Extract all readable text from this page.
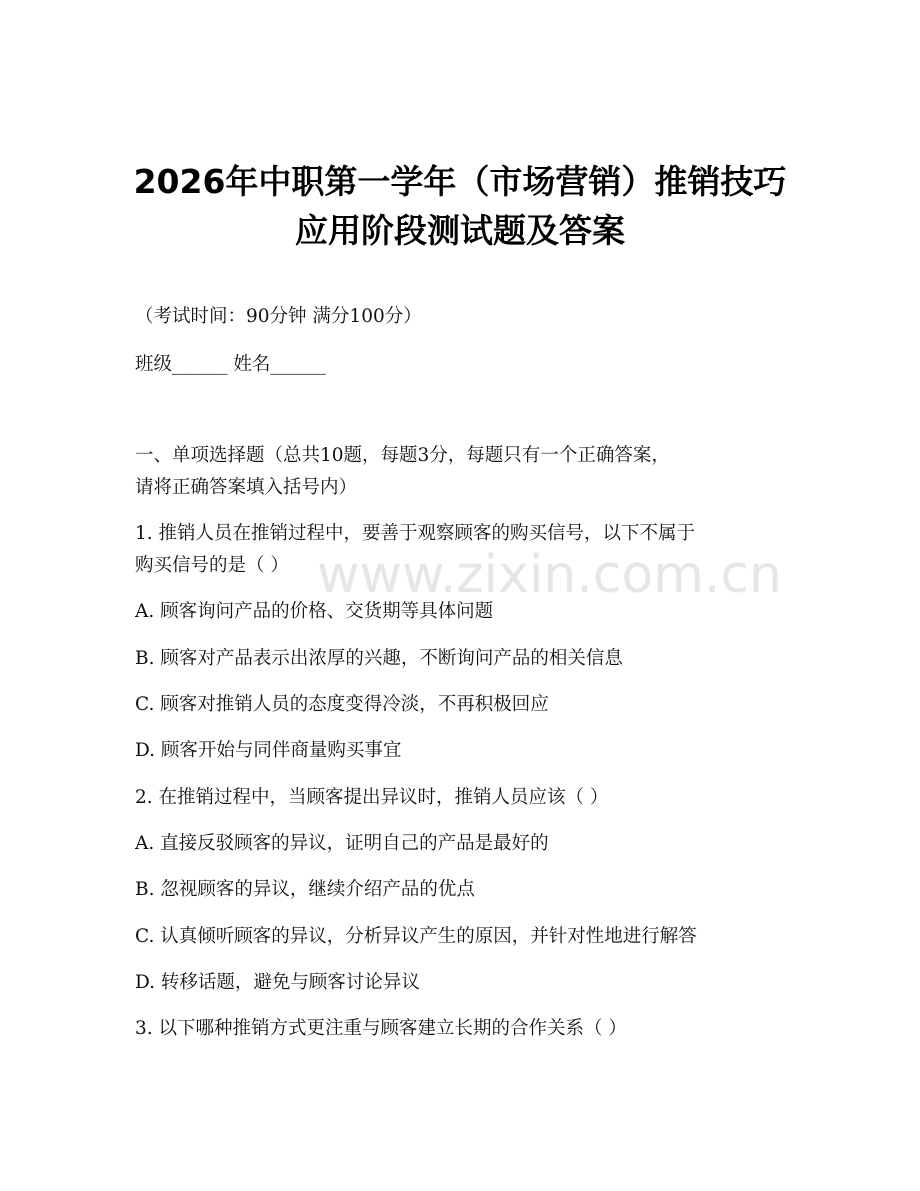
www.zixin.com.cn
2026年中职第一学年（市场营销）推销技巧
应用阶段测试题及答案
（考试时间：90分钟 满分100分）
班级______ 姓名______
一、单项选择题（总共10题，每题3分，每题只有一个正确答案，
请将正确答案填入括号内）
1. 推销人员在推销过程中，要善于观察顾客的购买信号，以下不属于
购买信号的是（ ）
A. 顾客询问产品的价格、交货期等具体问题
B. 顾客对产品表示出浓厚的兴趣，不断询问产品的相关信息
C. 顾客对推销人员的态度变得冷淡，不再积极回应
D. 顾客开始与同伴商量购买事宜
2. 在推销过程中，当顾客提出异议时，推销人员应该（ ）
A. 直接反驳顾客的异议，证明自己的产品是最好的
B. 忽视顾客的异议，继续介绍产品的优点
C. 认真倾听顾客的异议，分析异议产生的原因，并针对性地进行解答
D. 转移话题，避免与顾客讨论异议
3. 以下哪种推销方式更注重与顾客建立长期的合作关系（ ）
